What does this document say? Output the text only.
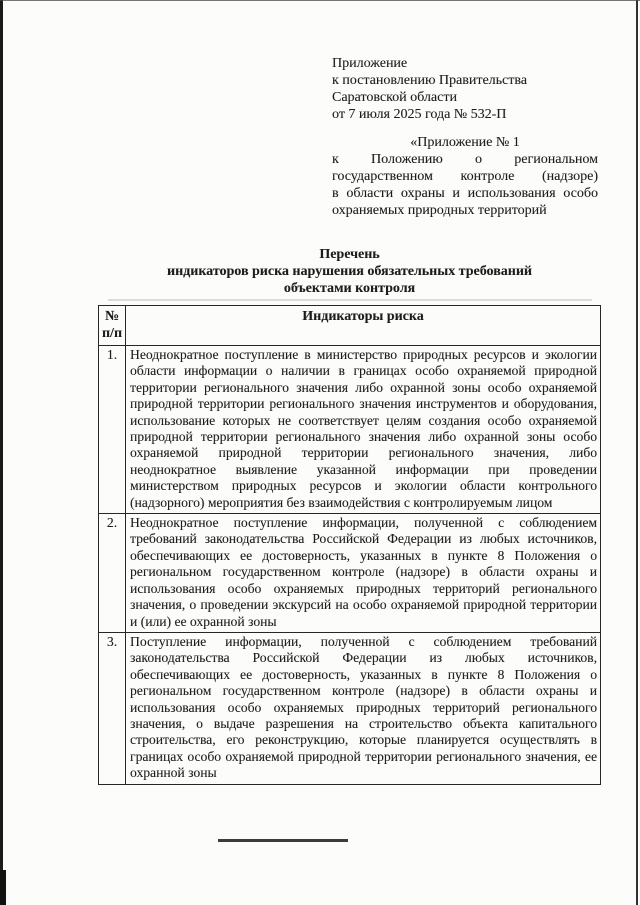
Приложение
к постановлению Правительства
Саратовской области
от 7 июля 2025 года № 532-П
«Приложение № 1
к Положению о региональном
государственном контроле (надзоре)
в области охраны и использования особо
охраняемых природных территорий
Перечень
индикаторов риска нарушения обязательных требований
объектами контроля
№
п/п	Индикаторы риска
1.	Неоднократное поступление в министерство природных ресурсов и экологии области информации о наличии в границах особо охраняемой природной территории регионального значения либо охранной зоны особо охраняемой природной территории регионального значения инструментов и оборудования, использование которых не соответствует целям создания особо охраняемой природной территории регионального значения либо охранной зоны особо охраняемой природной территории регионального значения, либо неоднократное выявление указанной информации при проведении министерством природных ресурсов и экологии области контрольного (надзорного) мероприятия без взаимодействия с контролируемым лицом
2.	Неоднократное поступление информации, полученной с соблюдением требований законодательства Российской Федерации из любых источников, обеспечивающих ее достоверность, указанных в пункте 8 Положения о региональном государственном контроле (надзоре) в области охраны и использования особо охраняемых природных территорий регионального значения, о проведении экскурсий на особо охраняемой природной территории и (или) ее охранной зоны
3.	Поступление информации, полученной с соблюдением требований законодательства Российской Федерации из любых источников, обеспечивающих ее достоверность, указанных в пункте 8 Положения о региональном государственном контроле (надзоре) в области охраны и использования особо охраняемых природных территорий регионального значения, о выдаче разрешения на строительство объекта капитального строительства, его реконструкцию, которые планируется осуществлять в границах особо охраняемой природной территории регионального значения, ее охранной зоны
